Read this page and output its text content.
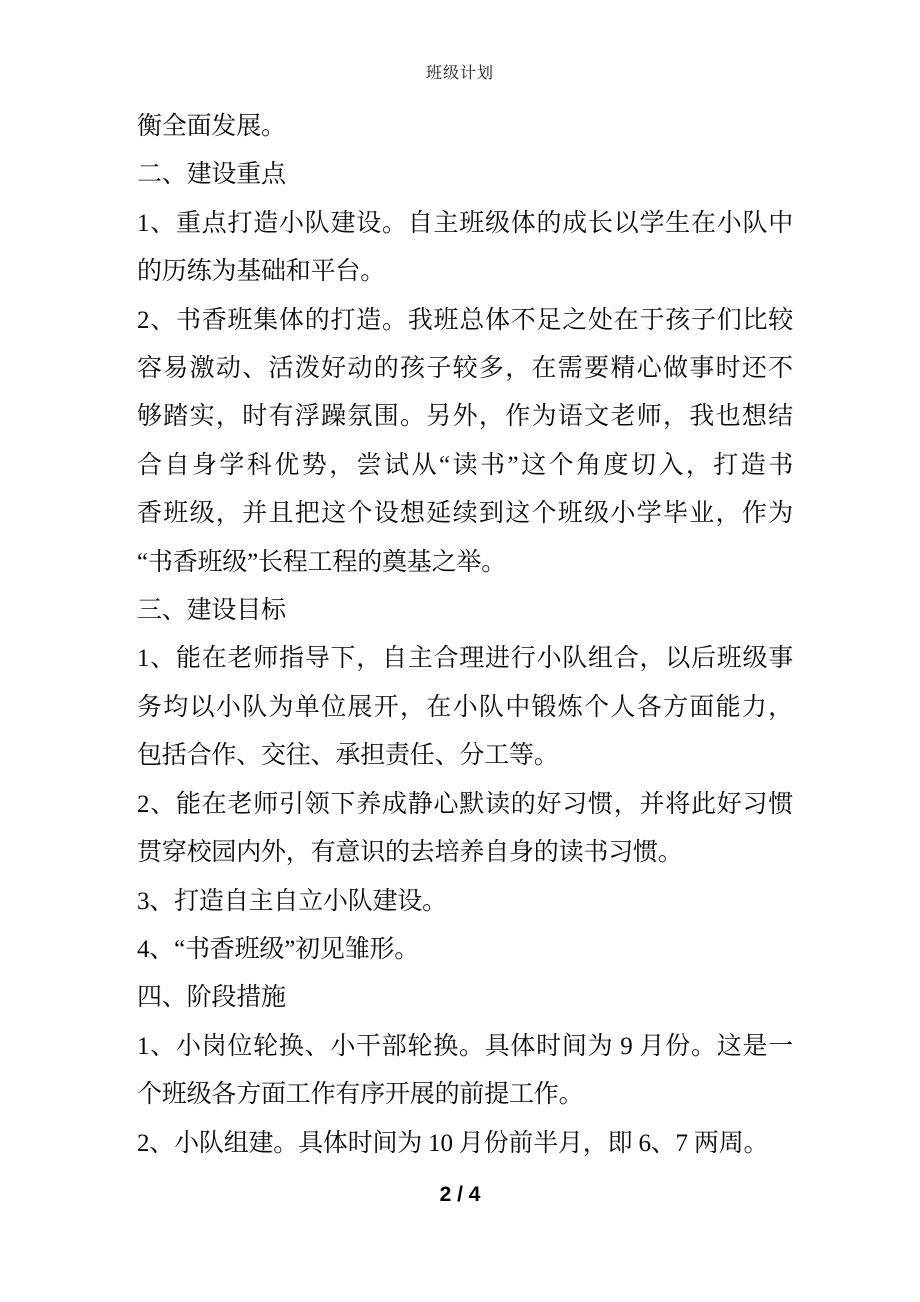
班级计划
衡全面发展。
二、建设重点
1、重点打造小队建设。自主班级体的成长以学生在小队中
的历练为基础和平台。
2、书香班集体的打造。我班总体不足之处在于孩子们比较
容易激动、活泼好动的孩子较多，在需要精心做事时还不
够踏实，时有浮躁氛围。另外，作为语文老师，我也想结
合自身学科优势，尝试从“读书”这个角度切入，打造书
香班级，并且把这个设想延续到这个班级小学毕业，作为
“书香班级”长程工程的奠基之举。
三、建设目标
1、能在老师指导下，自主合理进行小队组合，以后班级事
务均以小队为单位展开，在小队中锻炼个人各方面能力，
包括合作、交往、承担责任、分工等。
2、能在老师引领下养成静心默读的好习惯，并将此好习惯
贯穿校园内外，有意识的去培养自身的读书习惯。
3、打造自主自立小队建设。
4、“书香班级”初见雏形。
四、阶段措施
1、小岗位轮换、小干部轮换。具体时间为 9 月份。这是一
个班级各方面工作有序开展的前提工作。
2、小队组建。具体时间为 10 月份前半月，即 6、7 两周。
2 / 4
